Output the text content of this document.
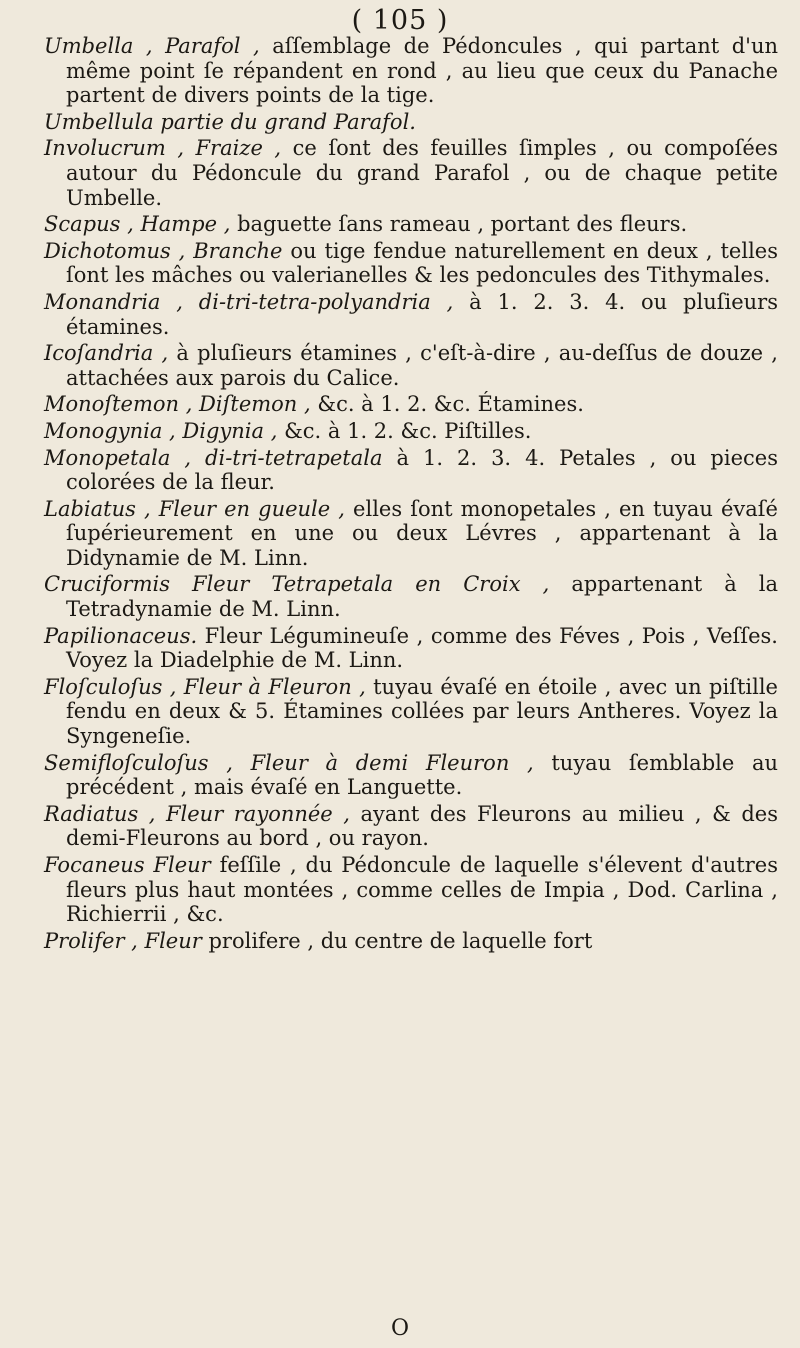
( 105 )

Umbella , Parafol , aſſemblage de Pédoncules , qui partant d'un même point ſe répandent en rond , au lieu que ceux du Panache partent de divers points de la tige.

Umbellula partie du grand Parafol.

Involucrum , Fraize , ce ſont des feuilles ſimples , ou compoſées autour du Pédoncule du grand Parafol , ou de chaque petite Umbelle.

Scapus , Hampe , baguette ſans rameau , portant des fleurs.

Dichotomus , Branche ou tige fendue naturellement en deux , telles ſont les mâches ou valerianelles & les pedoncules des Tithymales.

Monandria , di-tri-tetra-polyandria , à 1. 2. 3. 4. ou pluſieurs étamines.

Icoſandria , à pluſieurs étamines , c'eſt-à-dire , au-deſſus de douze , attachées aux parois du Calice.

Monoſtemon , Diſtemon , &c. à 1. 2. &c. Étamines.

Monogynia , Digynia , &c. à 1. 2. &c. Piſtilles.

Monopetala , di-tri-tetrapetala à 1. 2. 3. 4. Petales , ou pieces colorées de la fleur.

Labiatus , Fleur en gueule , elles ſont monopetales , en tuyau évaſé ſupérieurement en une ou deux Lévres , appartenant à la Didynamie de M. Linn.

Cruciformis Fleur Tetrapetala en Croix , appartenant à la Tetradynamie de M. Linn.

Papilionaceus. Fleur Légumineuſe , comme des Féves , Pois , Veſſes. Voyez la Diadelphie de M. Linn.

Floſculoſus , Fleur à Fleuron , tuyau évaſé en étoile , avec un piſtille fendu en deux & 5. Étamines collées par leurs Antheres. Voyez la Syngeneſie.

Semifloſculoſus , Fleur à demi Fleuron , tuyau ſemblable au précédent , mais évaſé en Languette.

Radiatus , Fleur rayonnée , ayant des Fleurons au milieu , & des demi-Fleurons au bord , ou rayon.

Focaneus Fleur feſſile , du Pédoncule de laquelle s'élevent d'autres fleurs plus haut montées , comme celles de Impia , Dod. Carlina , Richierrii , &c.

Prolifer , Fleur prolifere , du centre de laquelle fort

O
